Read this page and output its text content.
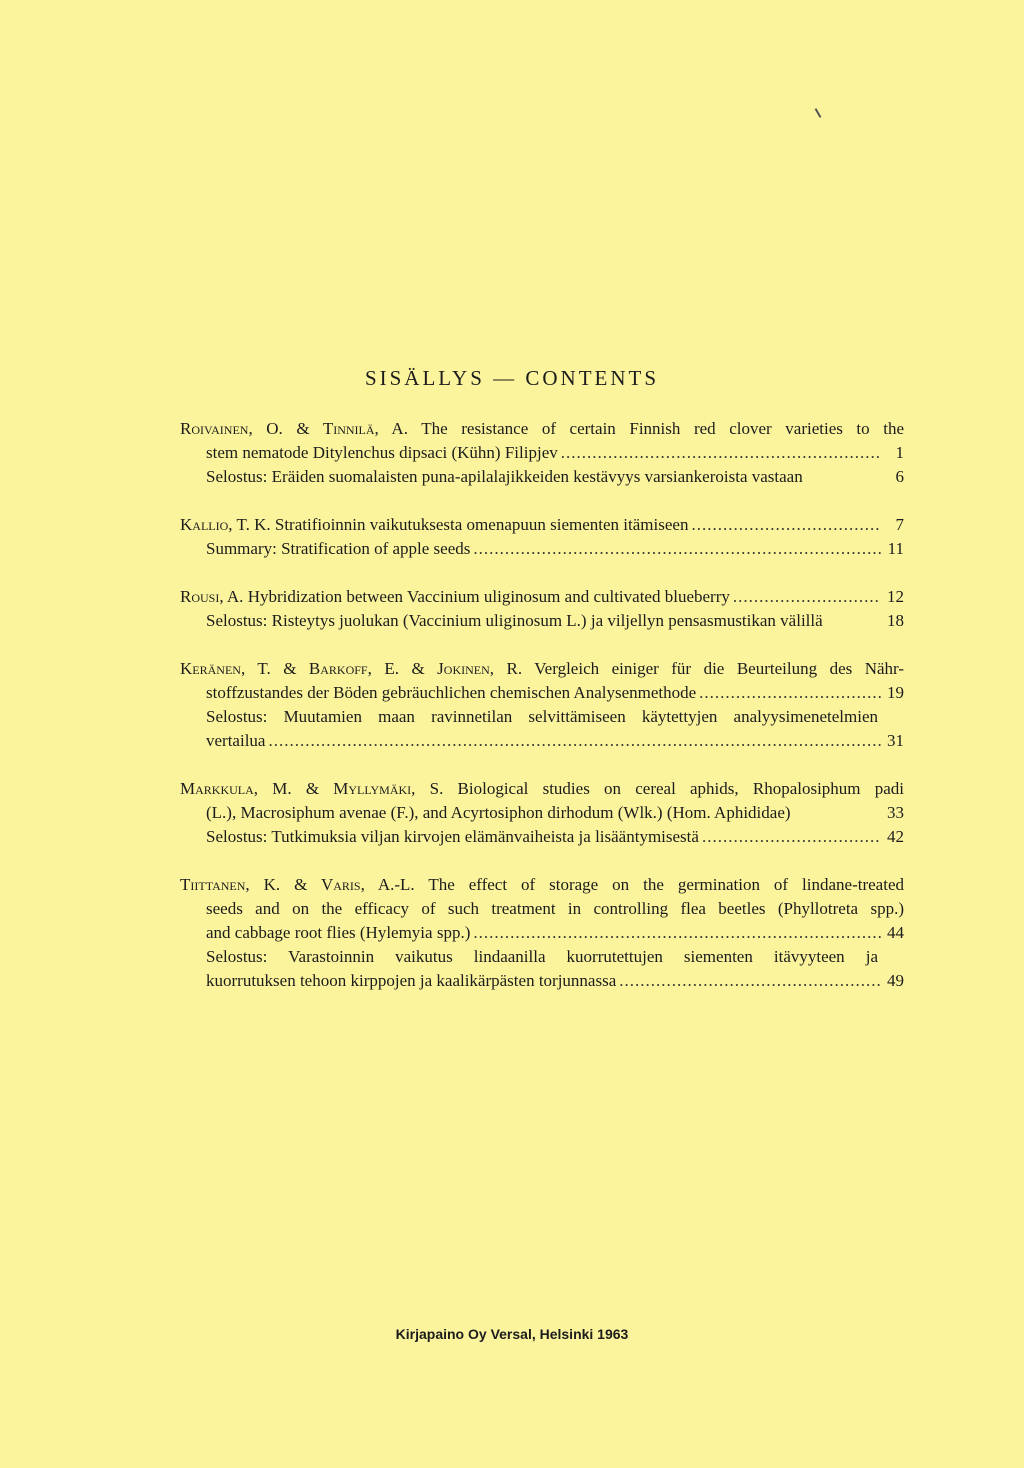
SISÄLLYS — CONTENTS
Roivainen, O. & Tinnilä, A. The resistance of certain Finnish red clover varieties to the
stem nematode Ditylenchus dipsaci (Kühn) Filipjev .....	1
Selostus: Eräiden suomalaisten puna-apilalajikkeiden kestävyys varsiankeroista vastaan	6
Kallio, T. K. Stratifioinnin vaikutuksesta omenapuun siementen itämiseen .....	7
Summary: Stratification of apple seeds .....	11
Rousi, A. Hybridization between Vaccinium uliginosum and cultivated blueberry .....	12
Selostus: Risteytys juolukan (Vaccinium uliginosum L.) ja viljellyn pensasmustikan välillä	18
Keränen, T. & Barkoff, E. & Jokinen, R. Vergleich einiger für die Beurteilung des Nähr-
stoffzustandes der Böden gebräuchlichen chemischen Analysenmethode .....	19
Selostus: Muutamien maan ravinnetilan selvittämiseen käytettyjen analyysimenetelmien
vertailua .....	31
Markkula, M. & Myllymäki, S. Biological studies on cereal aphids, Rhopalosiphum padi
(L.), Macrosiphum avenae (F.), and Acyrtosiphon dirhodum (Wlk.) (Hom. Aphididae)	33
Selostus: Tutkimuksia viljan kirvojen elämänvaiheista ja lisääntymisestä .....	42
Tiittanen, K. & Varis, A.-L. The effect of storage on the germination of lindane-treated
seeds and on the efficacy of such treatment in controlling flea beetles (Phyllotreta spp.)
and cabbage root flies (Hylemyia spp.) .....	44
Selostus: Varastoinnin vaikutus lindaanilla kuorrutettujen siementen itävyyteen ja
kuorrutuksen tehoon kirppojen ja kaalikärpästen torjunnassa .....	49
Kirjapaino Oy Versal, Helsinki 1963
